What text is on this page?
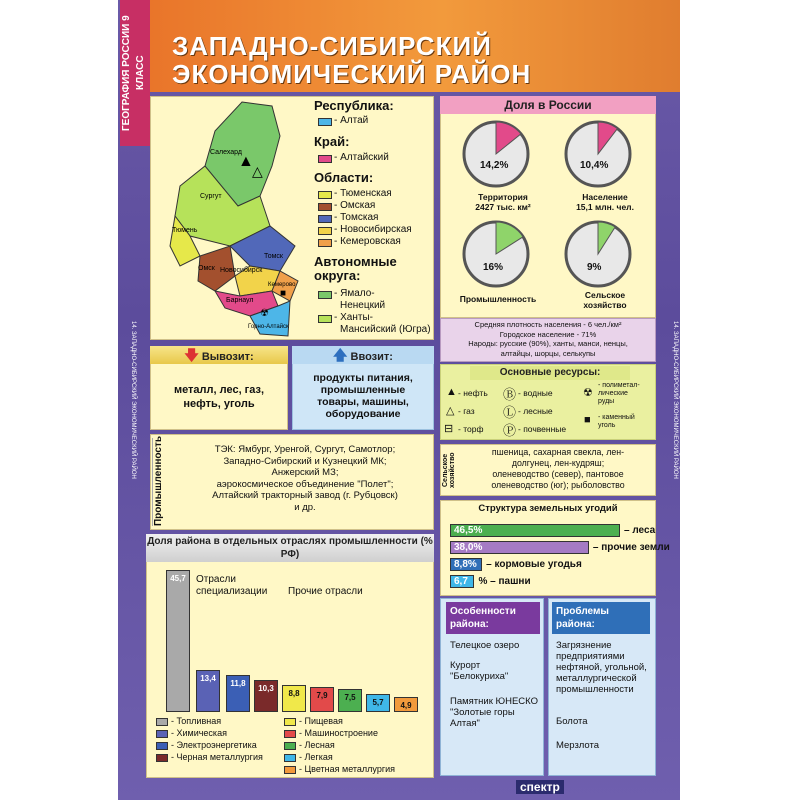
ГЕОГРАФИЯ РОССИИ 9 КЛАСС
ЗАПАДНО-СИБИРСКИЙ
ЭКОНОМИЧЕСКИЙ РАЙОН
14. ЗАПАДНО-СИБИРСКИЙ ЭКОНОМИЧЕСКИЙ РАЙОН	14. ЗАПАДНО-СИБИРСКИЙ ЭКОНОМИЧЕСКИЙ РАЙОН
Салехард
Сургут
Тюмень
Томск
Омск Новосибирск
Барнаул
Кемерово
Горно-Алтайск
▲
△
☢
■
Республика:
- Алтай
Край:
- Алтайский
Области:
- Тюменская
- Омская
- Томская
- Новосибирская
- Кемеровская
Автономные
округа:
- Ямало-
Ненецкий
- Ханты-
Мансийский (Югра)
Доля в России
14,2%	10,4%
16%	9%
Территория
2427 тыс. км²
Население
15,1 млн. чел.
Промышленность	Сельское
хозяйство
Средняя плотность населения - 6 чел./км²
Городское население - 71%
Народы: русские (90%), ханты, манси, ненцы,
алтайцы, шорцы, селькупы
🡇 Вывозит:
металл, лес, газ,
нефть, уголь
🡅 Ввозит:
продукты питания,
промышленные
товары, машины,
оборудование
Основные ресурсы:
▲ - нефть Ⓑ - водные	☢
- полиметал-
лические
руды
△ - газ Ⓛ - лесные
■ - каменный
уголь
⊟ - торф Ⓟ - почвенные
Промышленность	ТЭК: Ямбург, Уренгой, Сургут, Самотлор;
Западно-Сибирский и Кузнецкий МК;
Анжерский МЗ;
аэрокосмическое объединение "Полет";
Алтайский тракторный завод (г. Рубцовск)
и др.
Сельское хозяйство
пшеница, сахарная свекла, лен-
долгунец, лен-кудряш;
оленеводство (север), пантовое
оленеводство (юг); рыболовство
Структура земельных угодий
46,5%	– леса
38,0%	– прочие земли
8,8% – кормовые угодья
6,7 % – пашни
Доля района в отдельных отраслях промышленности (% РФ)
Отрасли специализации	Прочие отрасли
45,7
13,4
11,8
10,3
8,8	7,9	7,5
5,7	4,9
- Топливная
- Химическая
- Электроэнергетика
- Черная металлургия
- Пищевая
- Машиностроение
- Лесная
- Легкая
- Цветная металлургия
Особенности
района:
Телецкое озеро
Курорт "Белокуриха"
Памятник ЮНЕСКО "Золотые горы Алтая"
Проблемы
района:
Загрязнение предприятиями нефтяной, угольной, металлургической промышленности
Болота
Мерзлота
спектр
